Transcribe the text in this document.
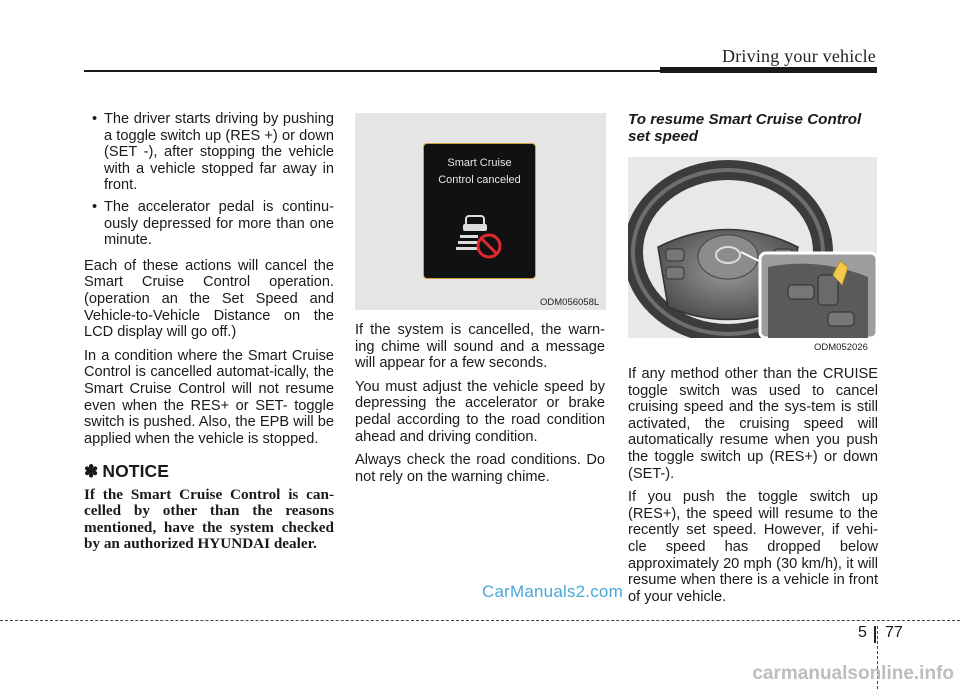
Driving your vehicle
• The driver starts driving by pushing a toggle switch up (RES +) or down (SET -), after stopping the vehicle with a vehicle stopped far away in front.
• The accelerator pedal is continu-ously depressed for more than one minute.

Each of these actions will cancel the Smart Cruise Control operation. (operation an the Set Speed and Vehicle-to-Vehicle Distance on the LCD display will go off.)

In a condition where the Smart Cruise Control is cancelled automat-ically, the Smart Cruise Control will not resume even when the RES+ or SET- toggle switch is pushed. Also, the EPB will be applied when the vehicle is stopped.

✽ NOTICE

If the Smart Cruise Control is can-celled by other than the reasons mentioned, have the system checked by an authorized HYUNDAI dealer.

Smart Cruise
Control canceled
ODM056058L

If the system is cancelled, the warn-ing chime will sound and a message will appear for a few seconds.

You must adjust the vehicle speed by depressing the accelerator or brake pedal according to the road condition ahead and driving condition.

Always check the road conditions. Do not rely on the warning chime.

To resume Smart Cruise Control set speed

ODM052026

If any method other than the CRUISE toggle switch was used to cancel cruising speed and the sys-tem is still activated, the cruising speed will automatically resume when you push the toggle switch up (RES+) or down (SET-).

If you push the toggle switch up (RES+), the speed will resume to the recently set speed. However, if vehi-cle speed has dropped below approximately 20 mph (30 km/h), it will resume when there is a vehicle in front of your vehicle.

CarManuals2.com
5 77
carmanualsonline.info
